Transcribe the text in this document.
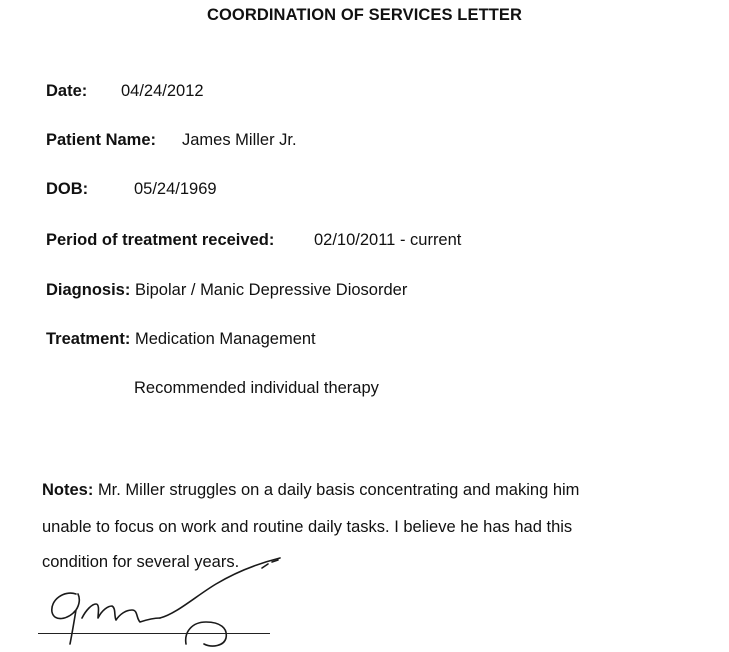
COORDINATION OF SERVICES LETTER
Date: 04/24/2012
Patient Name: James Miller Jr.
DOB:	05/24/1969
Period of treatment received: 02/10/2011 - current
Diagnosis: Bipolar / Manic Depressive Diosorder
Treatment: Medication Management
Recommended individual therapy
Notes: Mr. Miller struggles on a daily basis concentrating and making him
unable to focus on work and routine daily tasks. I believe he has had this
condition for several years.
